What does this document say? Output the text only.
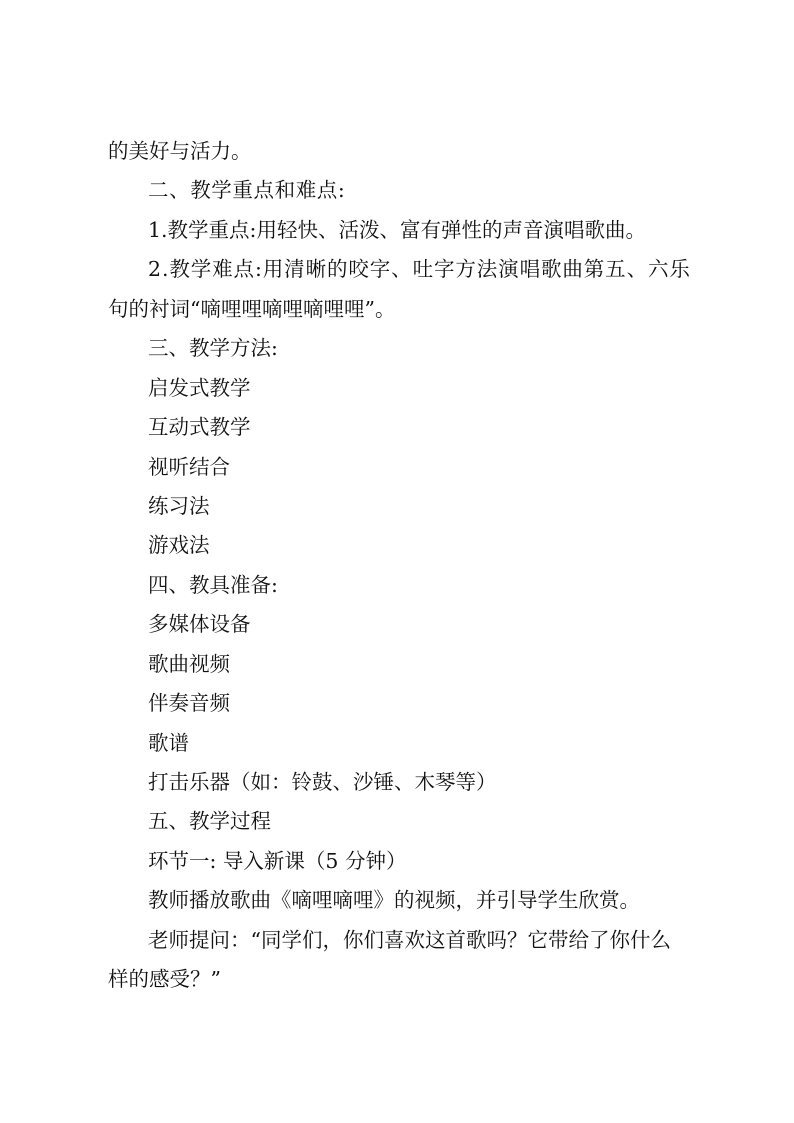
的美好与活力。
二、教学重点和难点:
1.教学重点:用轻快、活泼、富有弹性的声音演唱歌曲。
2.教学难点:用清晰的咬字、吐字方法演唱歌曲第五、六乐
句的衬词“嘀哩哩嘀哩嘀哩哩”。
三、教学方法:
启发式教学
互动式教学
视听结合
练习法
游戏法
四、教具准备:
多媒体设备
歌曲视频
伴奏音频
歌谱
打击乐器（如：铃鼓、沙锤、木琴等）
五、教学过程
环节一: 导入新课（5 分钟）
教师播放歌曲《嘀哩嘀哩》的视频，并引导学生欣赏。
老师提问：“同学们，你们喜欢这首歌吗？它带给了你什么
样的感受？”
